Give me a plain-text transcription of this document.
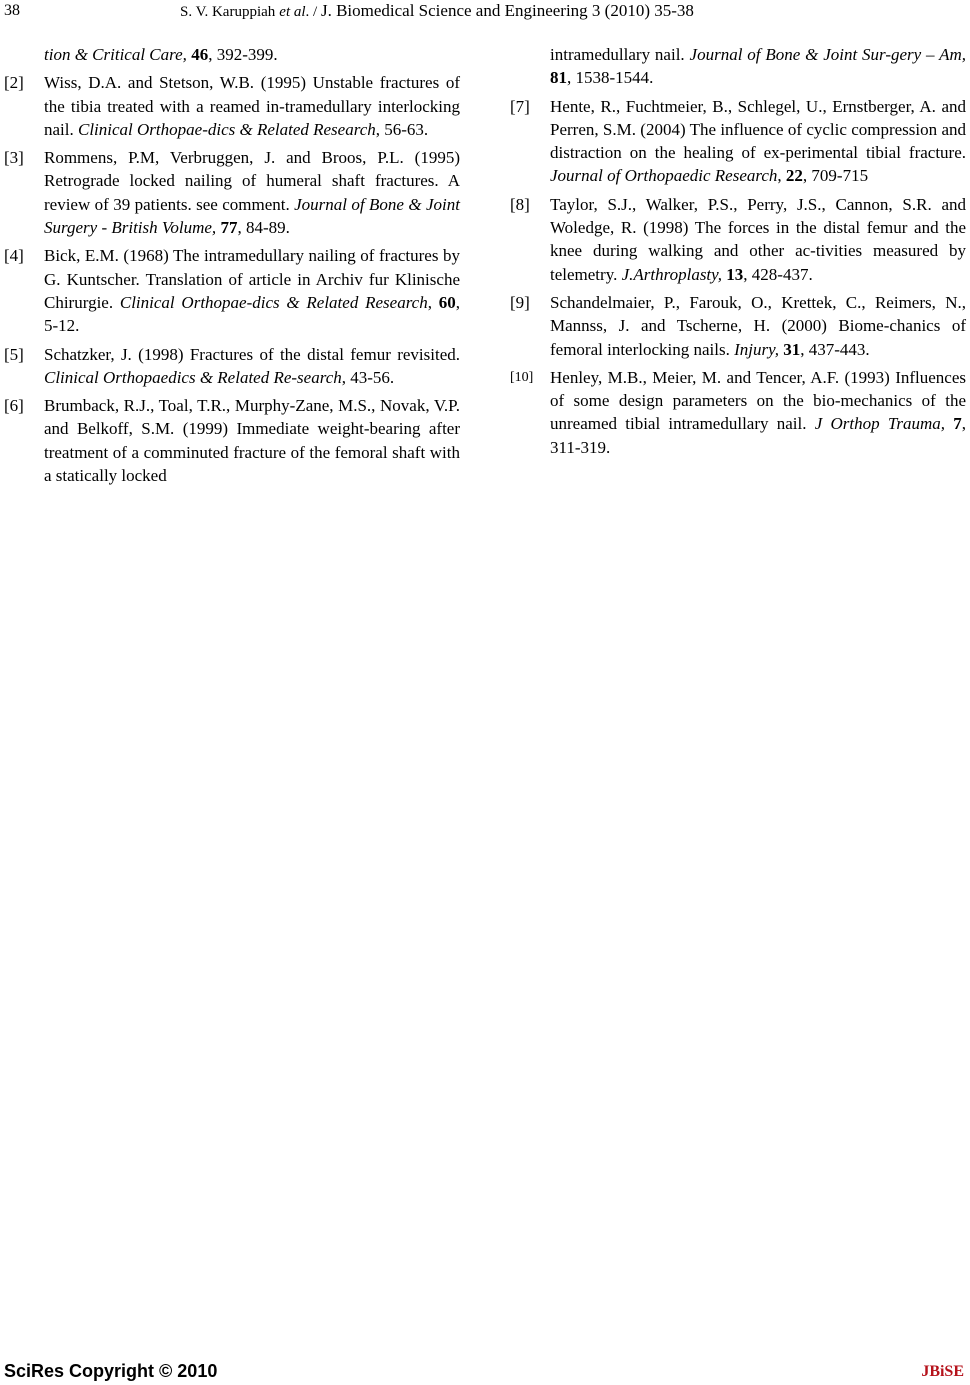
38	S. V. Karuppiah et al. / J. Biomedical Science and Engineering 3 (2010) 35-38
tion & Critical Care, 46, 392-399.
[2] Wiss, D.A. and Stetson, W.B. (1995) Unstable fractures of the tibia treated with a reamed in-tramedullary interlocking nail. Clinical Orthopae-dics & Related Research, 56-63.
[3] Rommens, P.M, Verbruggen, J. and Broos, P.L. (1995) Retrograde locked nailing of humeral shaft fractures. A review of 39 patients. see comment. Journal of Bone & Joint Surgery - British Volume, 77, 84-89.
[4] Bick, E.M. (1968) The intramedullary nailing of fractures by G. Kuntscher. Translation of article in Archiv fur Klinische Chirurgie. Clinical Orthopae-dics & Related Research, 60, 5-12.
[5] Schatzker, J. (1998) Fractures of the distal femur revisited. Clinical Orthopaedics & Related Re-search, 43-56.
[6] Brumback, R.J., Toal, T.R., Murphy-Zane, M.S., Novak, V.P. and Belkoff, S.M. (1999) Immediate weight-bearing after treatment of a comminuted fracture of the femoral shaft with a statically locked
intramedullary nail. Journal of Bone & Joint Sur-gery – Am, 81, 1538-1544.
[7] Hente, R., Fuchtmeier, B., Schlegel, U., Ernstberger, A. and Perren, S.M. (2004) The influence of cyclic compression and distraction on the healing of ex-perimental tibial fracture. Journal of Orthopaedic Research, 22, 709-715
[8] Taylor, S.J., Walker, P.S., Perry, J.S., Cannon, S.R. and Woledge, R. (1998) The forces in the distal femur and the knee during walking and other ac-tivities measured by telemetry. J.Arthroplasty, 13, 428-437.
[9] Schandelmaier, P., Farouk, O., Krettek, C., Reimers, N., Mannss, J. and Tscherne, H. (2000) Biome-chanics of femoral interlocking nails. Injury, 31, 437-443.
[10] Henley, M.B., Meier, M. and Tencer, A.F. (1993) Influences of some design parameters on the bio-mechanics of the unreamed tibial intramedullary nail. J Orthop Trauma, 7, 311-319.
SciRes Copyright © 2010	JBiSE
